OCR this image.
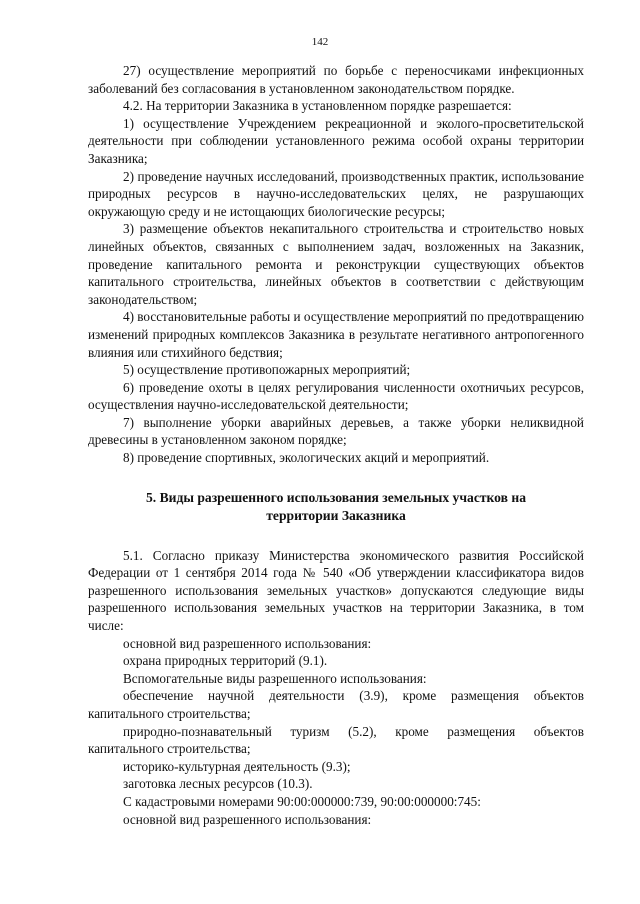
142

27) осуществление мероприятий по борьбе с переносчиками инфекционных заболеваний без согласования в установленном законодательством порядке.

4.2. На территории Заказника в установленном порядке разрешается:

1) осуществление Учреждением рекреационной и эколого-просветительской деятельности при соблюдении установленного режима особой охраны территории Заказника;

2) проведение научных исследований, производственных практик, использование природных ресурсов в научно-исследовательских целях, не разрушающих окружающую среду и не истощающих биологические ресурсы;

3) размещение объектов некапитального строительства и строительство новых линейных объектов, связанных с выполнением задач, возложенных на Заказник, проведение капитального ремонта и реконструкции существующих объектов капитального строительства, линейных объектов в соответствии с действующим законодательством;

4) восстановительные работы и осуществление мероприятий по предотвращению изменений природных комплексов Заказника в результате негативного антропогенного влияния или стихийного бедствия;

5) осуществление противопожарных мероприятий;

6) проведение охоты в целях регулирования численности охотничьих ресурсов, осуществления научно-исследовательской деятельности;

7) выполнение уборки аварийных деревьев, а также уборки неликвидной древесины в установленном законом порядке;

8) проведение спортивных, экологических акций и мероприятий.

5. Виды разрешенного использования земельных участков на
территории Заказника

5.1. Согласно приказу Министерства экономического развития Российской Федерации от 1 сентября 2014 года № 540 «Об утверждении классификатора видов разрешенного использования земельных участков» допускаются следующие виды разрешенного использования земельных участков на территории Заказника, в том числе:

основной вид разрешенного использования:

охрана природных территорий (9.1).

Вспомогательные виды разрешенного использования:

обеспечение научной деятельности (3.9), кроме размещения объектов капитального строительства;

природно-познавательный туризм (5.2), кроме размещения объектов капитального строительства;

историко-культурная деятельность (9.3);

заготовка лесных ресурсов (10.3).

С кадастровыми номерами 90:00:000000:739, 90:00:000000:745:

основной вид разрешенного использования:
